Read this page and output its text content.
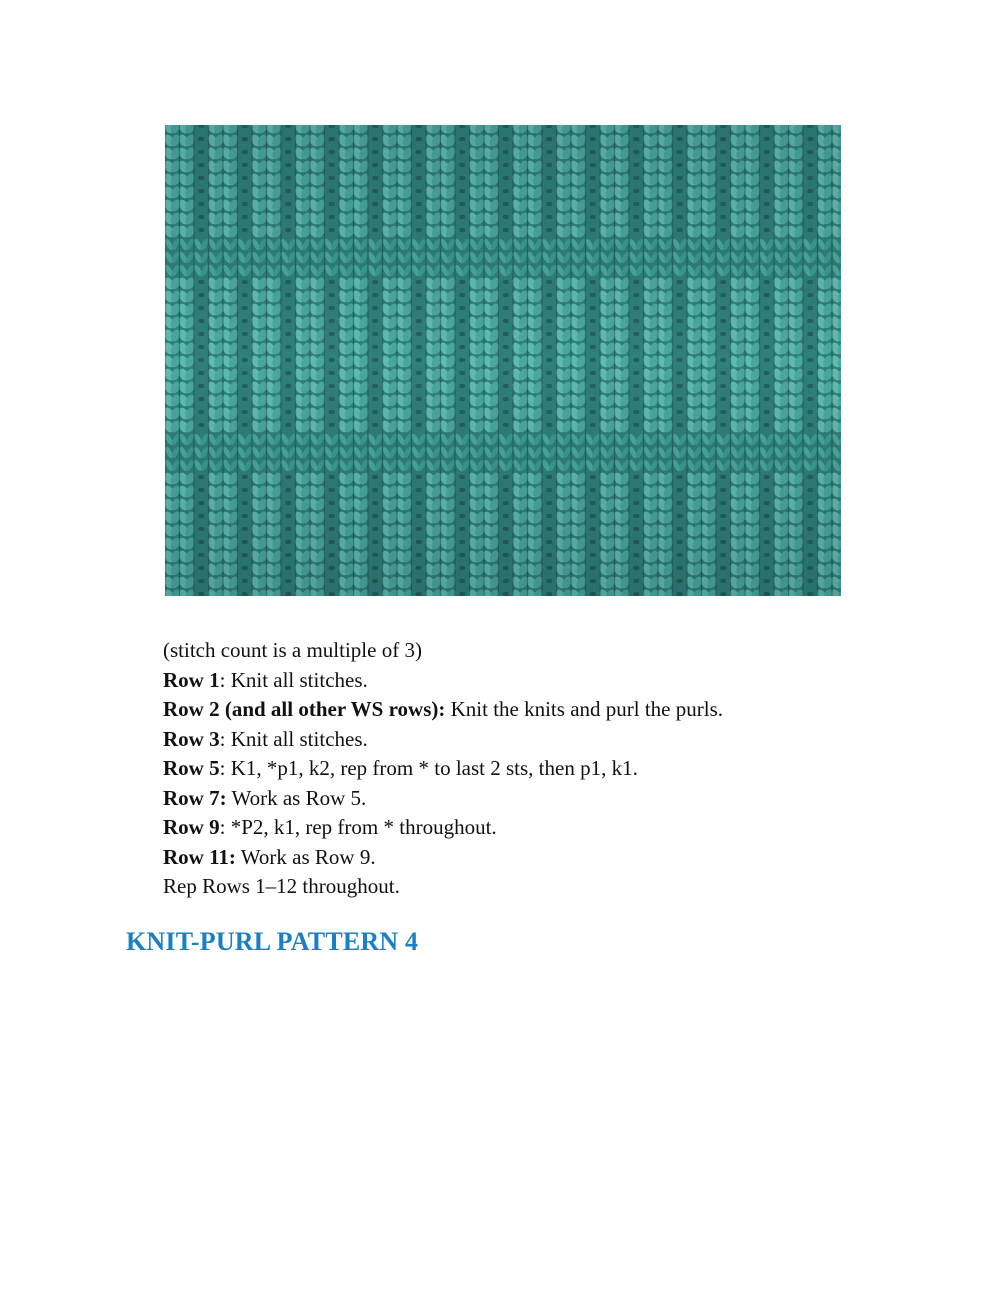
(stitch count is a multiple of 3)
Row 1: Knit all stitches.
Row 2 (and all other WS rows): Knit the knits and purl the purls.
Row 3: Knit all stitches.
Row 5: K1, *p1, k2, rep from * to last 2 sts, then p1, k1.
Row 7: Work as Row 5.
Row 9: *P2, k1, rep from * throughout.
Row 11: Work as Row 9.
Rep Rows 1–12 throughout.
KNIT-PURL PATTERN 4
